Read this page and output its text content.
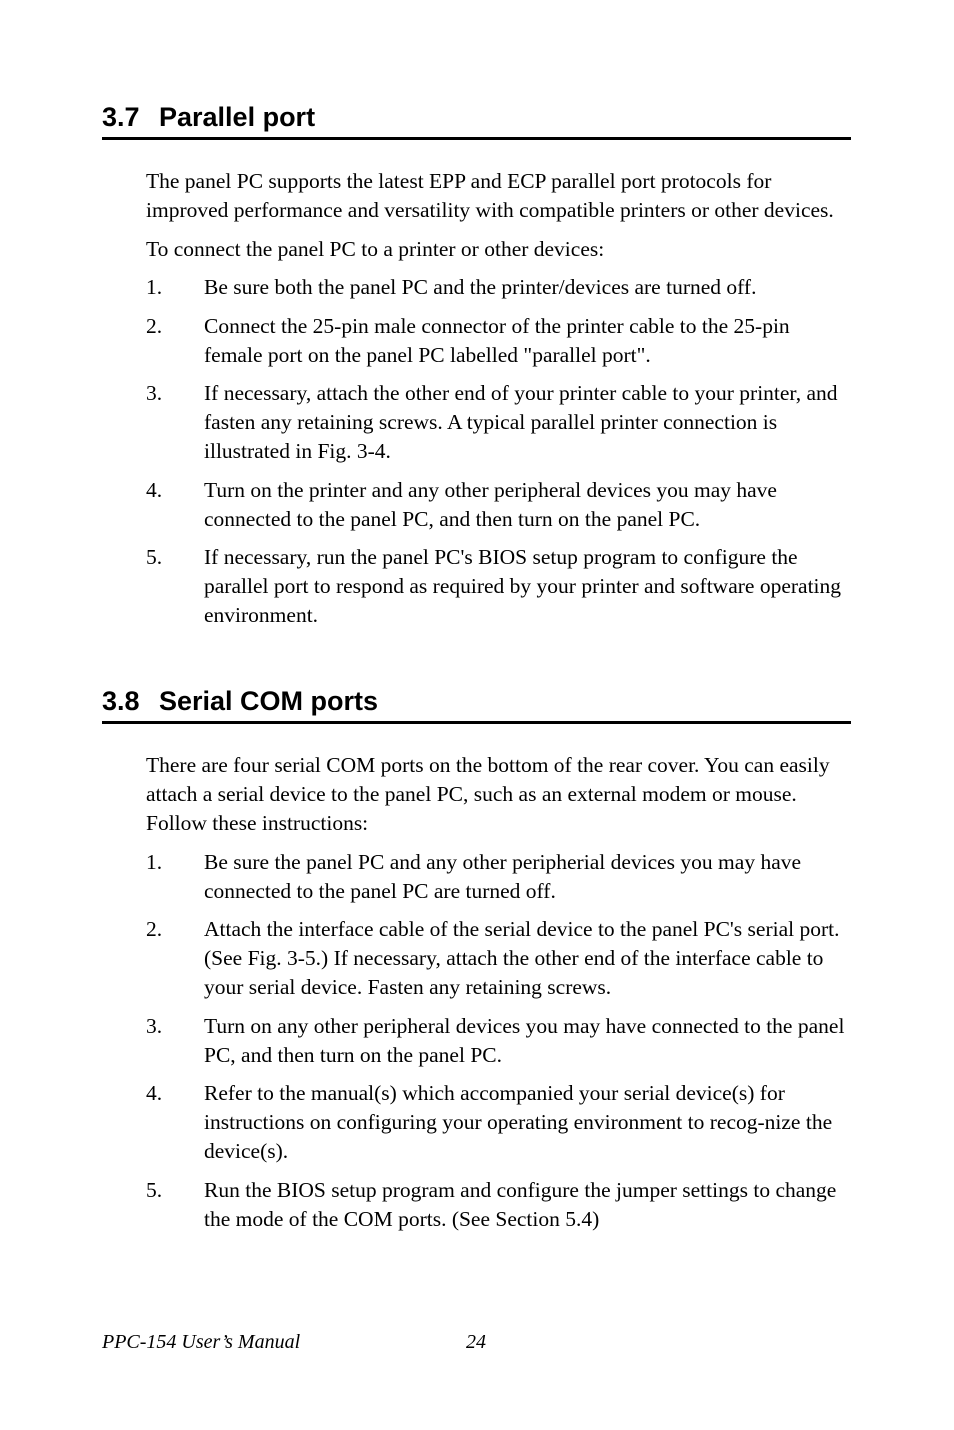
3.7 Parallel port

The panel PC supports the latest EPP and ECP parallel port protocols for improved performance and versatility with compatible printers or other devices.

To connect the panel PC to a printer or other devices:

1. Be sure both the panel PC and the printer/devices are turned off.
2. Connect the 25-pin male connector of the printer cable to the 25-pin female port on the panel PC labelled "parallel port".
3. If necessary, attach the other end of your printer cable to your printer, and fasten any retaining screws. A typical parallel printer connection is illustrated in Fig. 3-4.
4. Turn on the printer and any other peripheral devices you may have connected to the panel PC, and then turn on the panel PC.
5. If necessary, run the panel PC's BIOS setup program to configure the parallel port to respond as required by your printer and software operating environment.
3.8 Serial COM ports

There are four serial COM ports on the bottom of the rear cover. You can easily attach a serial device to the panel PC, such as an external modem or mouse. Follow these instructions:

1. Be sure the panel PC and any other peripherial devices you may have connected to the panel PC are turned off.
2. Attach the interface cable of the serial device to the panel PC's serial port. (See Fig. 3-5.) If necessary, attach the other end of the interface cable to your serial device. Fasten any retaining screws.
3. Turn on any other peripheral devices you may have connected to the panel PC, and then turn on the panel PC.
4. Refer to the manual(s) which accompanied your serial device(s) for instructions on configuring your operating environment to recog-nize the device(s).
5. Run the BIOS setup program and configure the jumper settings to change the mode of the COM ports. (See Section 5.4)
PPC-154 User’s Manual	24
